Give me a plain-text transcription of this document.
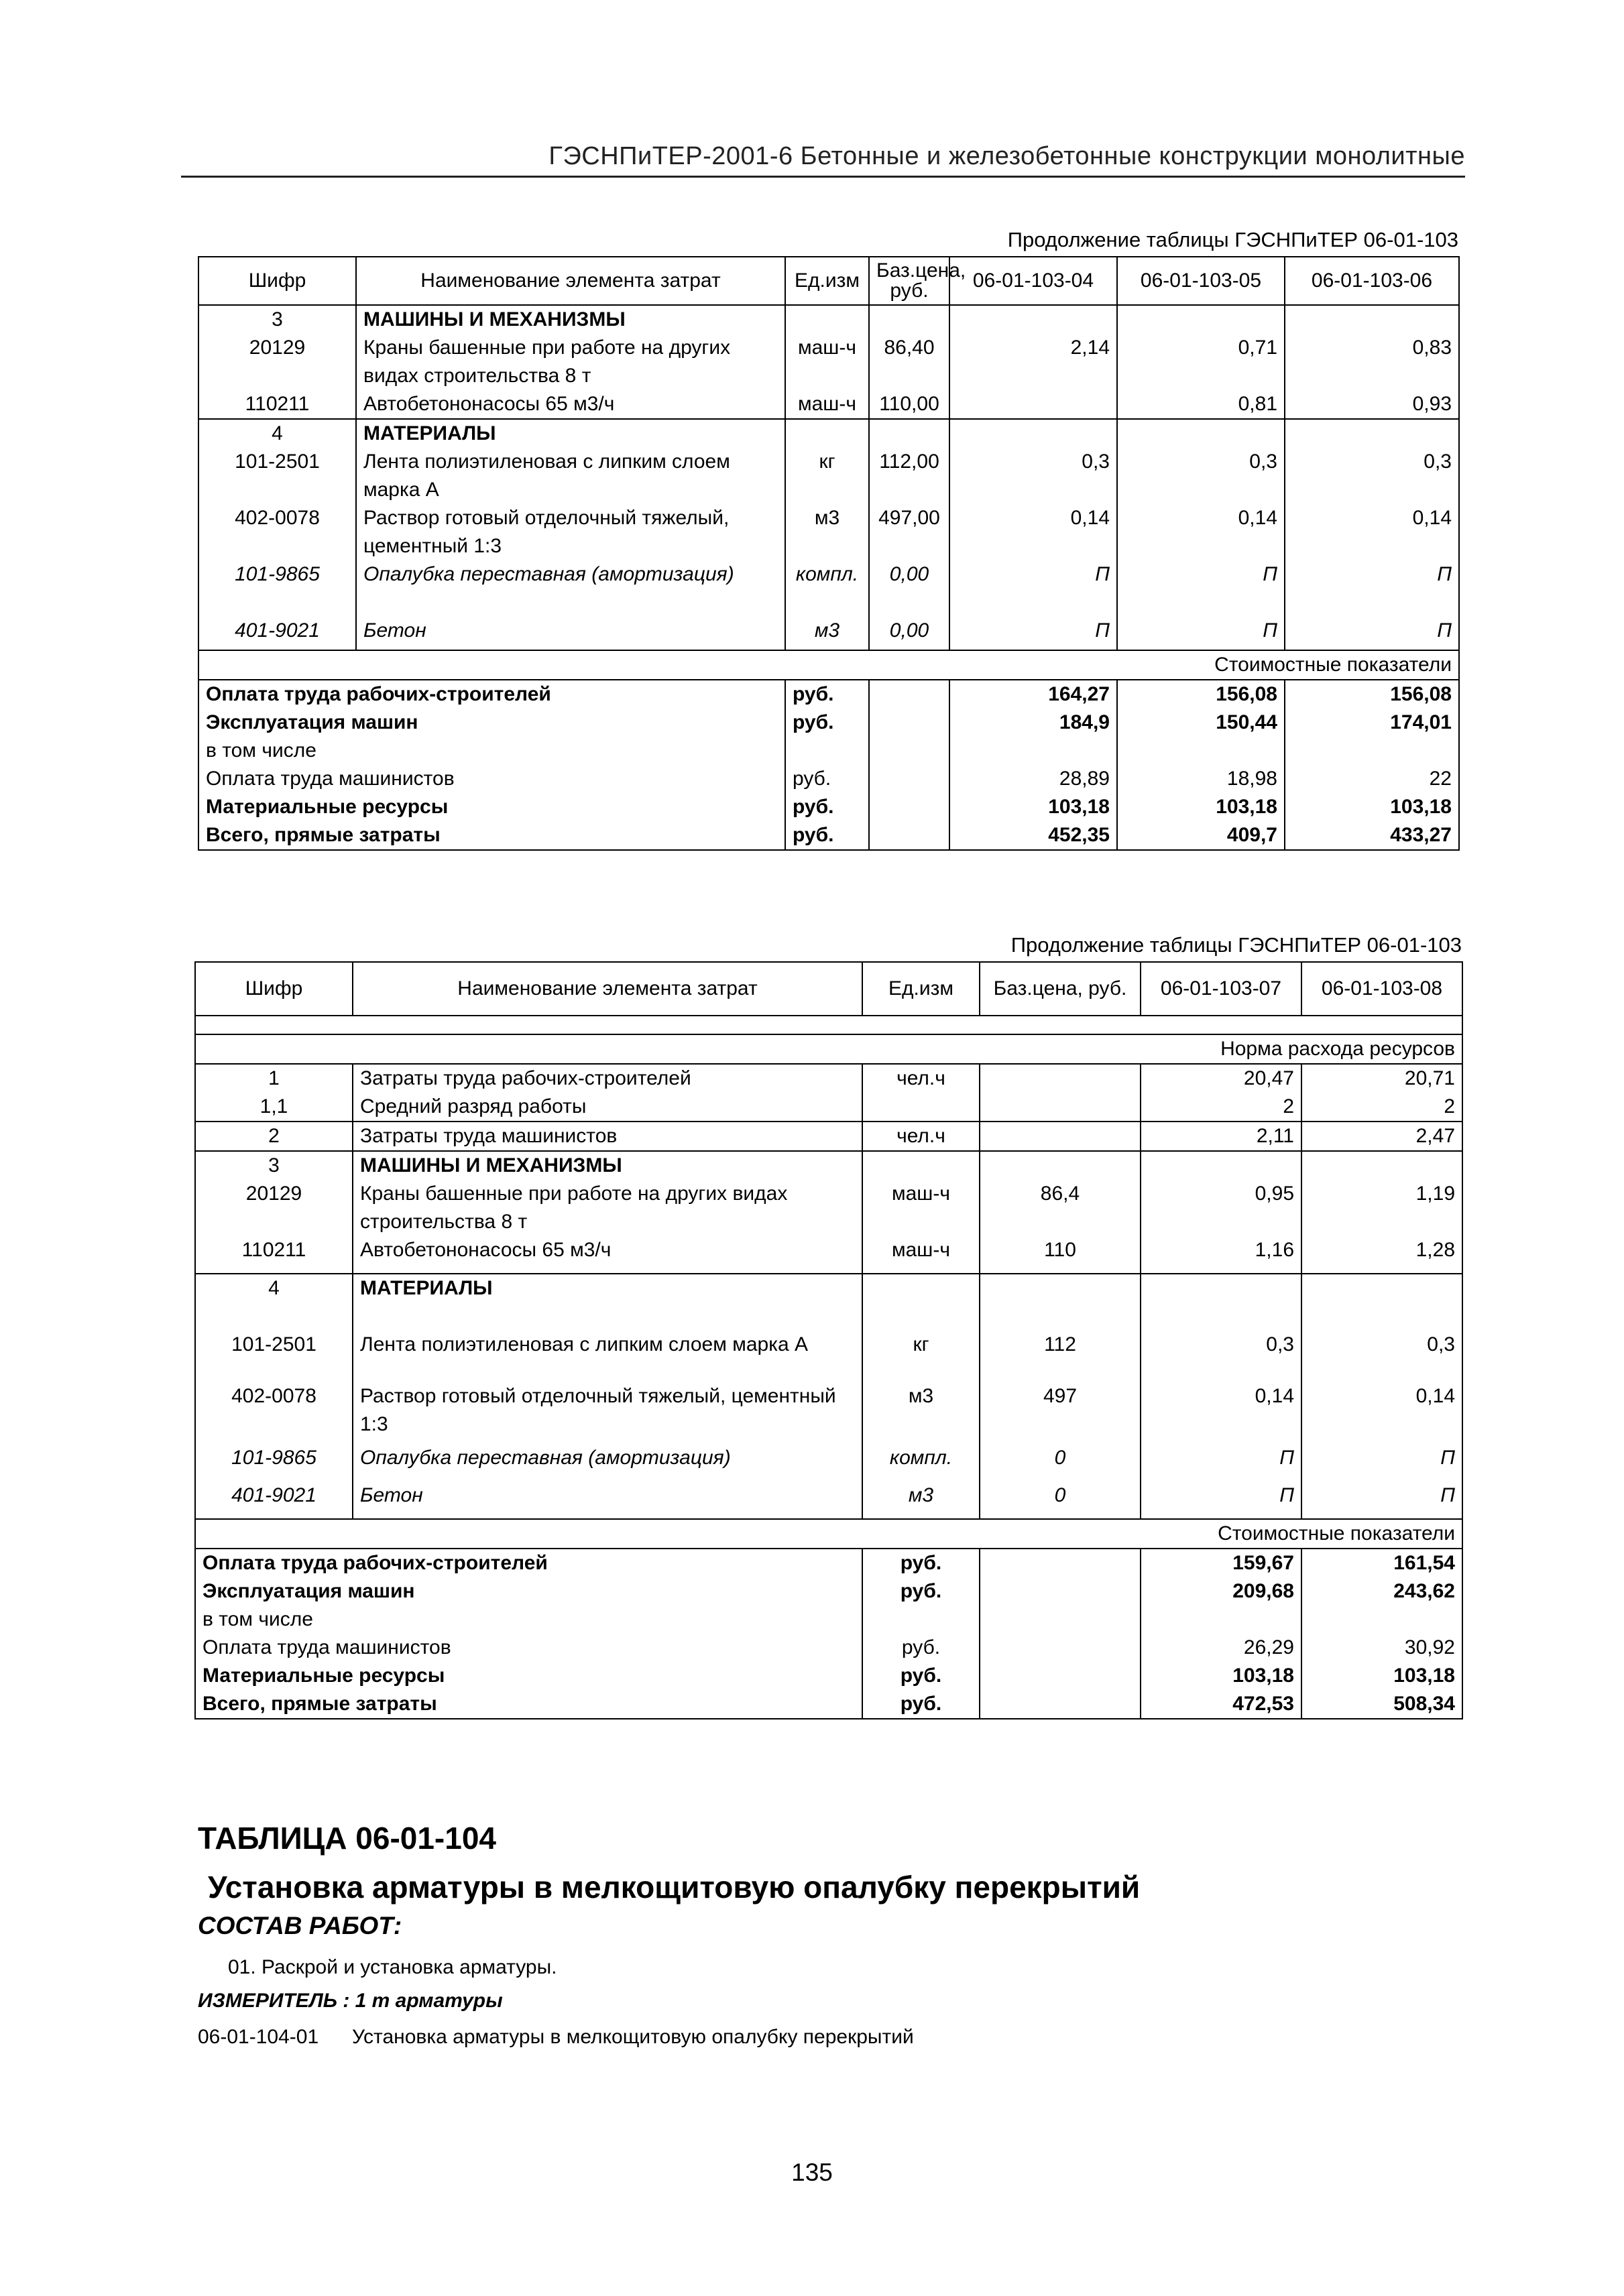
ГЭСНПиТЕР-2001-6 Бетонные и железобетонные конструкции монолитные
Продолжение таблицы ГЭСНПиТЕР 06-01-103
Шифр	Наименование элемента затрат	Ед.изм	Баз.цена, руб.	06-01-103-04	06-01-103-05	06-01-103-06
3	МАШИНЫ И МЕХАНИЗМЫ					
20129	Краны башенные при работе на других видах строительства 8 т	маш-ч	86,40	2,14	0,71	0,83
110211	Автобетононасосы 65 м3/ч	маш-ч	110,00		0,81	0,93
4	МАТЕРИАЛЫ					
101-2501	Лента полиэтиленовая с липким слоем марка А	кг	112,00	0,3	0,3	0,3
402-0078	Раствор готовый отделочный тяжелый, цементный 1:3	м3	497,00	0,14	0,14	0,14
101-9865	Опалубка переставная (амортизация)	компл.	0,00	П	П	П
401-9021	Бетон	м3	0,00	П	П	П
Стоимостные показатели						
Оплата труда рабочих-строителей		руб.		164,27	156,08	156,08
Эксплуатация машин		руб.		184,9	150,44	174,01
в том числе						
Оплата труда машинистов		руб.		28,89	18,98	22
Материальные ресурсы		руб.		103,18	103,18	103,18
Всего, прямые затраты		руб.		452,35	409,7	433,27
Продолжение таблицы ГЭСНПиТЕР 06-01-103
Шифр	Наименование элемента затрат	Ед.изм	Баз.цена, руб.	06-01-103-07	06-01-103-08

Норма расхода ресурсов					
1	Затраты труда рабочих-строителей	чел.ч		20,47	20,71
1,1	Средний разряд работы			2	2
2	Затраты труда машинистов	чел.ч		2,11	2,47
3	МАШИНЫ И МЕХАНИЗМЫ				
20129	Краны башенные при работе на других видах строительства 8 т	маш-ч	86,4	0,95	1,19
110211	Автобетононасосы 65 м3/ч	маш-ч	110	1,16	1,28
4	МАТЕРИАЛЫ				
101-2501	Лента полиэтиленовая с липким слоем марка А	кг	112	0,3	0,3
402-0078	Раствор готовый отделочный тяжелый, цементный 1:3	м3	497	0,14	0,14
101-9865	Опалубка переставная (амортизация)	компл.	0	П	П
401-9021	Бетон	м3	0	П	П
Стоимостные показатели					
Оплата труда рабочих-строителей		руб.		159,67	161,54
Эксплуатация машин		руб.		209,68	243,62
в том числе					
Оплата труда машинистов		руб.		26,29	30,92
Материальные ресурсы		руб.		103,18	103,18
Всего, прямые затраты		руб.		472,53	508,34
ТАБЛИЦА 06-01-104
Установка арматуры в мелкощитовую опалубку перекрытий
СОСТАВ РАБОТ:
01. Раскрой и установка арматуры.
ИЗМЕРИТЕЛЬ : 1 т арматуры
06-01-104-01 Установка арматуры в мелкощитовую опалубку перекрытий
135
